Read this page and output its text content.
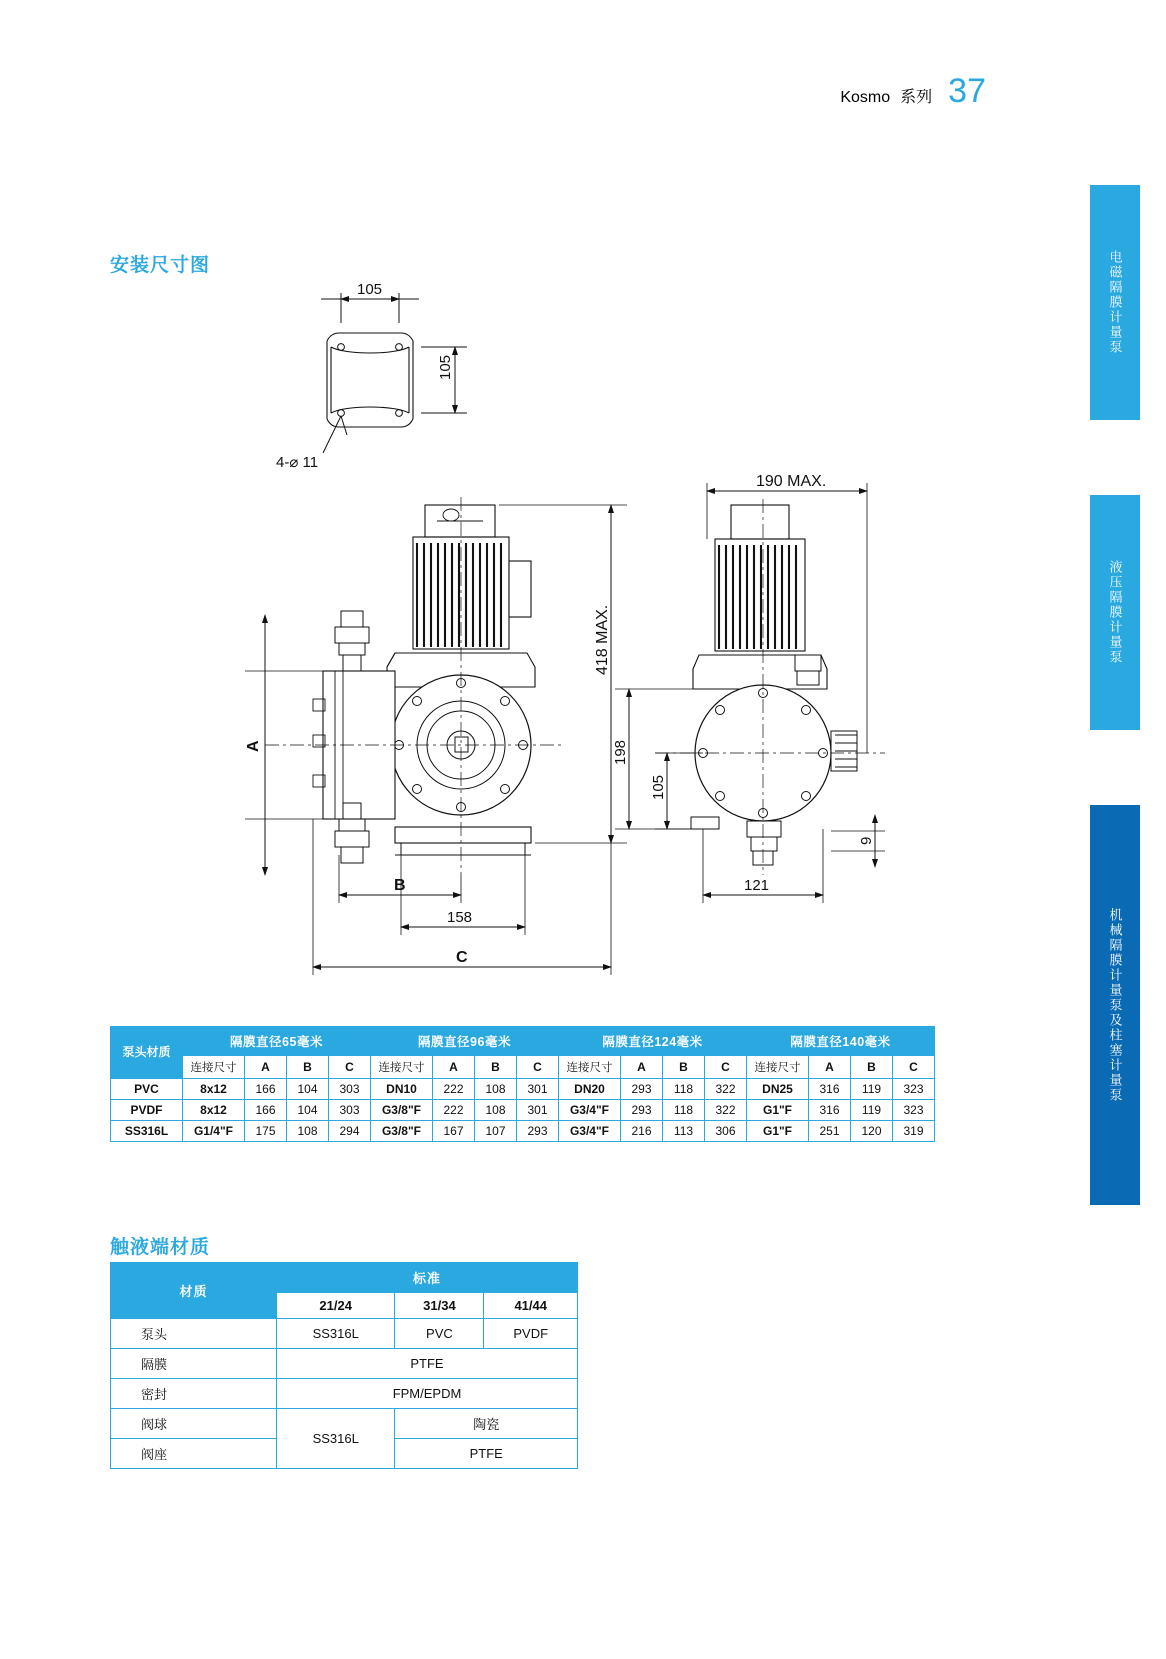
Kosmo 系列 37
电磁隔膜计量泵
液压隔膜计量泵
机械隔膜计量泵及柱塞计量泵
安装尺寸图
触液端材质
105
105
4-⌀ 11
418 MAX.
A
B
158
C
190 MAX.
198
105
9
121
泵头材质	隔膜直径65毫米				隔膜直径96毫米				隔膜直径124毫米				隔膜直径140毫米			
	连接尺寸	A	B	C	连接尺寸	A	B	C	连接尺寸	A	B	C	连接尺寸	A	B	C
PVC	8x12	166	104	303	DN10	222	108	301	DN20	293	118	322	DN25	316	119	323
PVDF	8x12	166	104	303	G3/8"F	222	108	301	G3/4"F	293	118	322	G1"F	316	119	323
SS316L	G1/4"F	175	108	294	G3/8"F	167	107	293	G3/4"F	216	113	306	G1"F	251	120	319
材质	标准		
	21/24	31/34	41/44
泵头	SS316L	PVC	PVDF
隔膜	PTFE		
密封	FPM/EPDM		
阀球	SS316L	陶瓷	
阀座		PTFE	
